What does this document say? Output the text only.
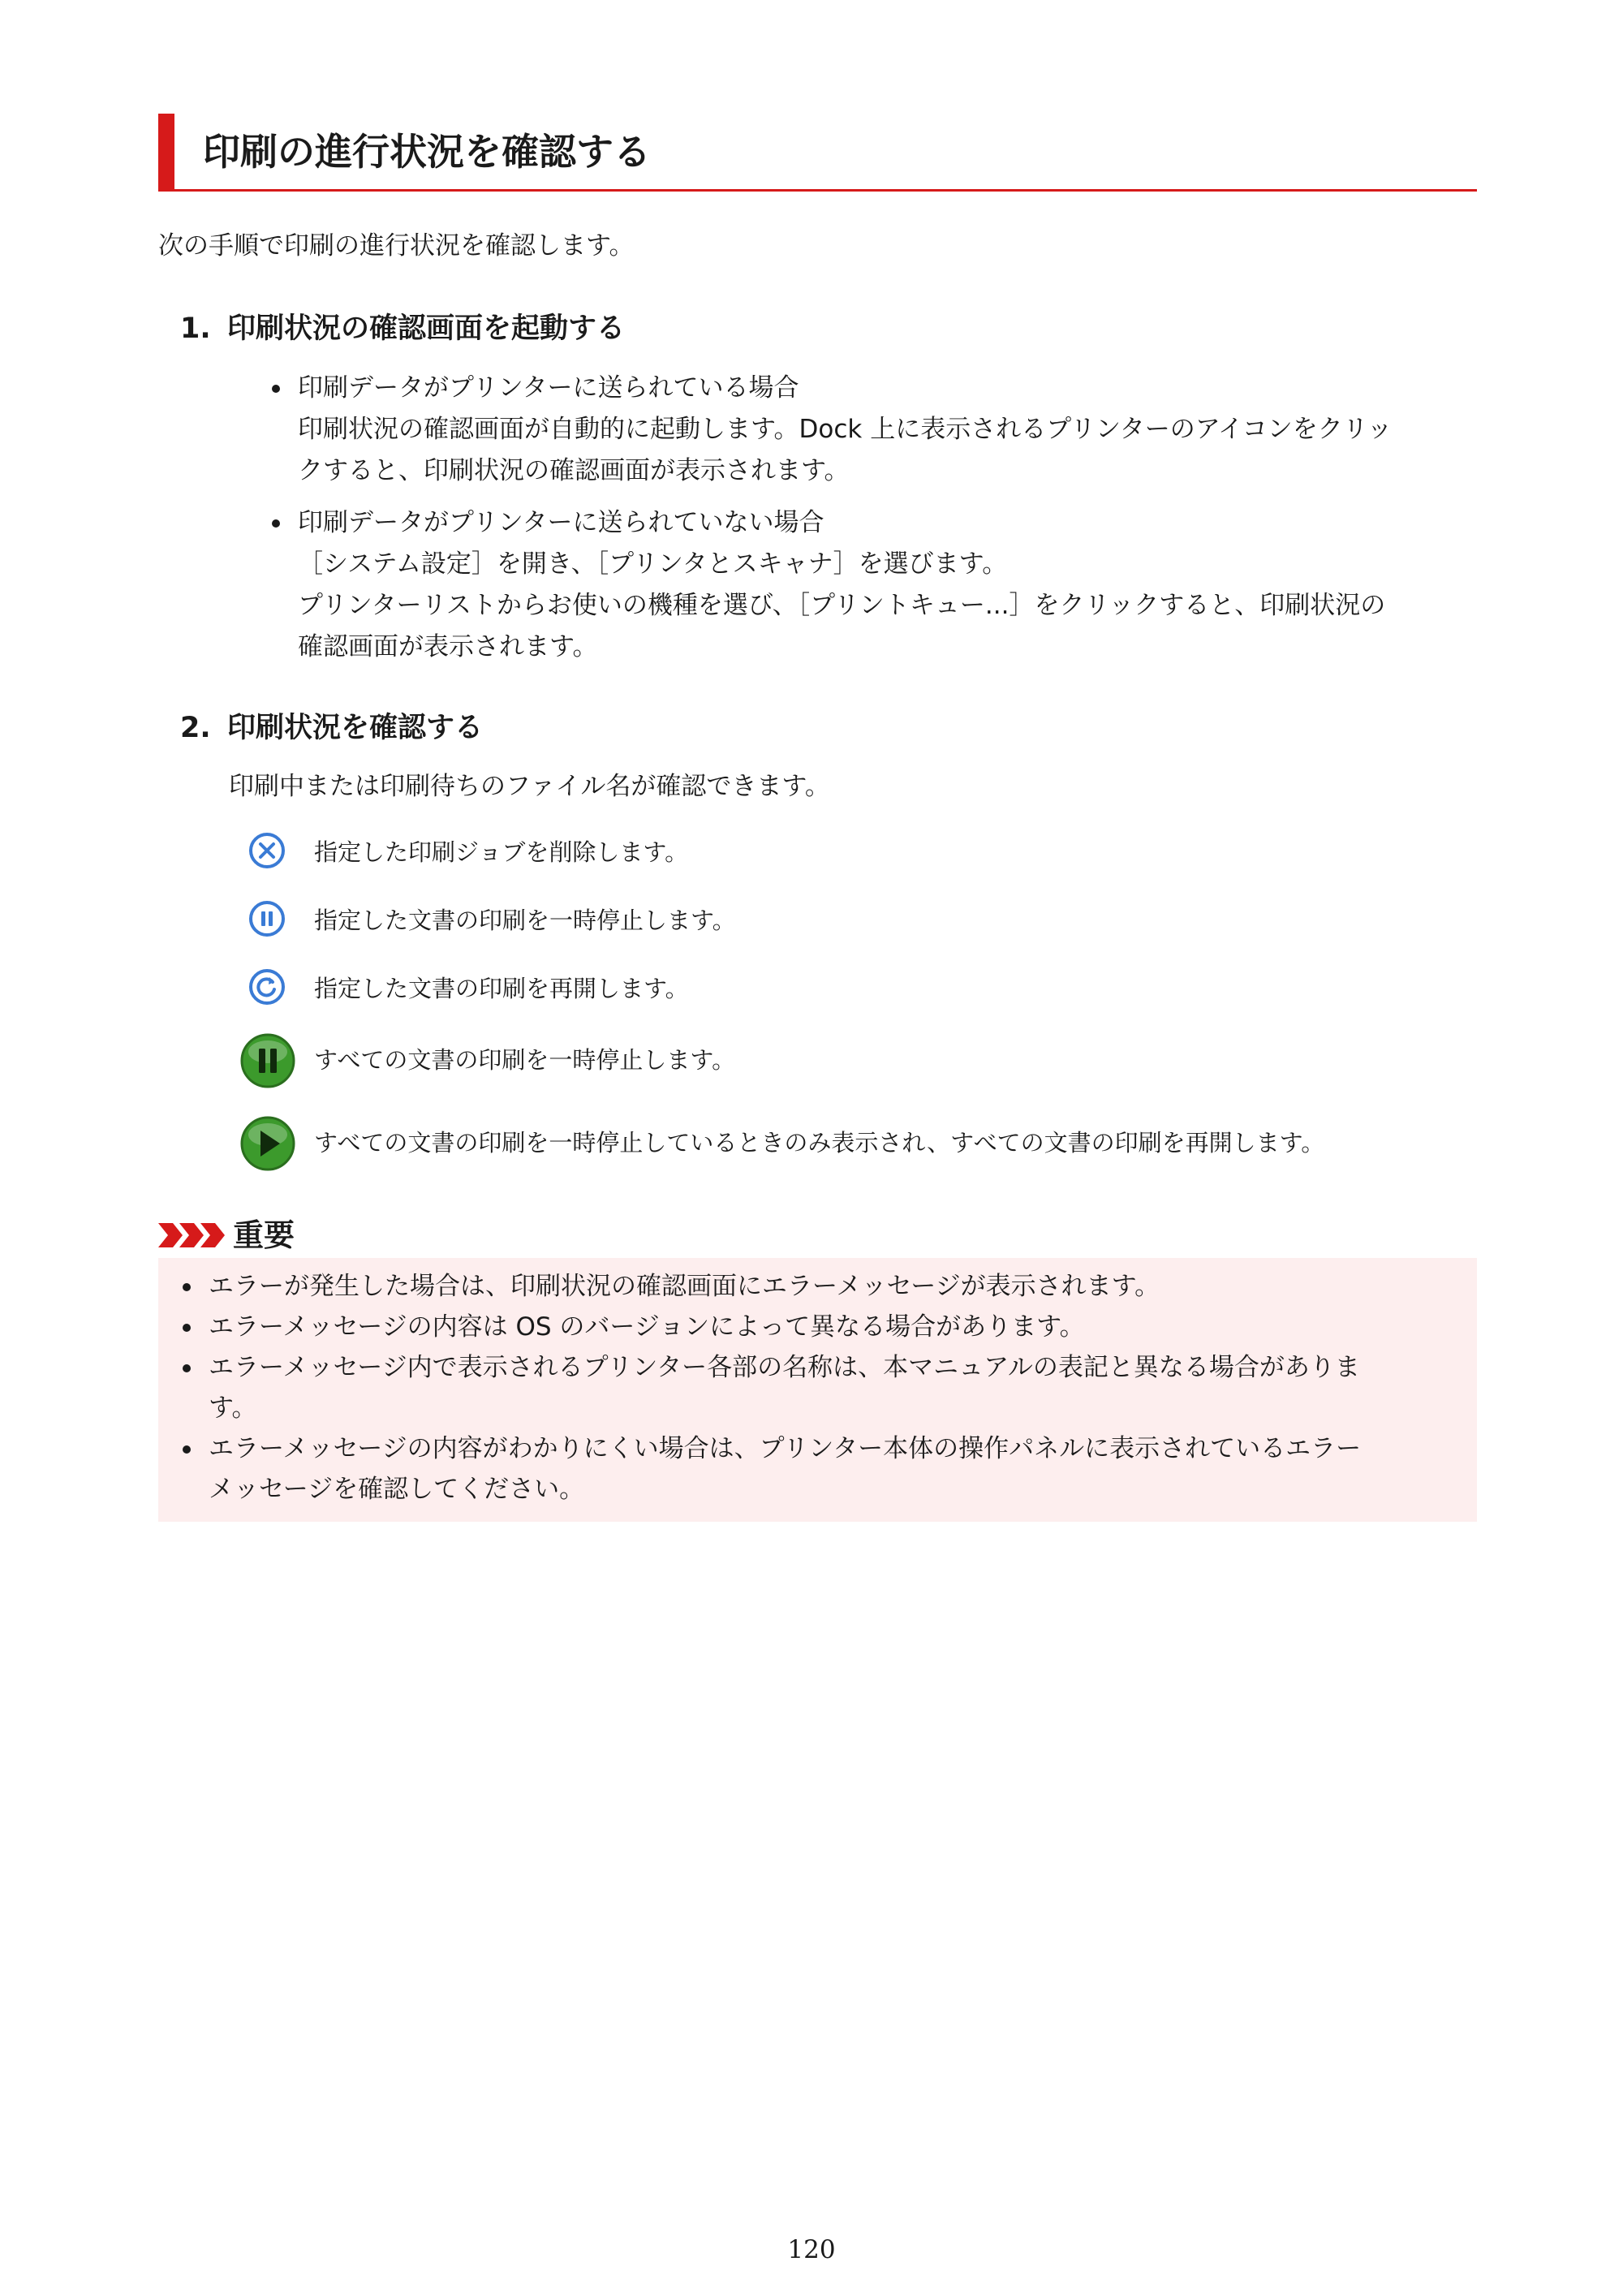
印刷の進行状況を確認する
次の手順で印刷の進行状況を確認します。
1. 印刷状況の確認画面を起動する
印刷データがプリンターに送られている場合
印刷状況の確認画面が自動的に起動します。Dock 上に表示されるプリンターのアイコンをクリッ
クすると、印刷状況の確認画面が表示されます。
印刷データがプリンターに送られていない場合
［システム設定］を開き、［プリンタとスキャナ］を選びます。
プリンターリストからお使いの機種を選び、［プリントキュー...］をクリックすると、印刷状況の
確認画面が表示されます。
2. 印刷状況を確認する
印刷中または印刷待ちのファイル名が確認できます。
指定した印刷ジョブを削除します。
指定した文書の印刷を一時停止します。
指定した文書の印刷を再開します。
すべての文書の印刷を一時停止します。
すべての文書の印刷を一時停止しているときのみ表示され、すべての文書の印刷を再開します。
重要
エラーが発生した場合は、印刷状況の確認画面にエラーメッセージが表示されます。
エラーメッセージの内容は OS のバージョンによって異なる場合があります。
エラーメッセージ内で表示されるプリンター各部の名称は、本マニュアルの表記と異なる場合がありま
す。
エラーメッセージの内容がわかりにくい場合は、プリンター本体の操作パネルに表示されているエラー
メッセージを確認してください。
120
